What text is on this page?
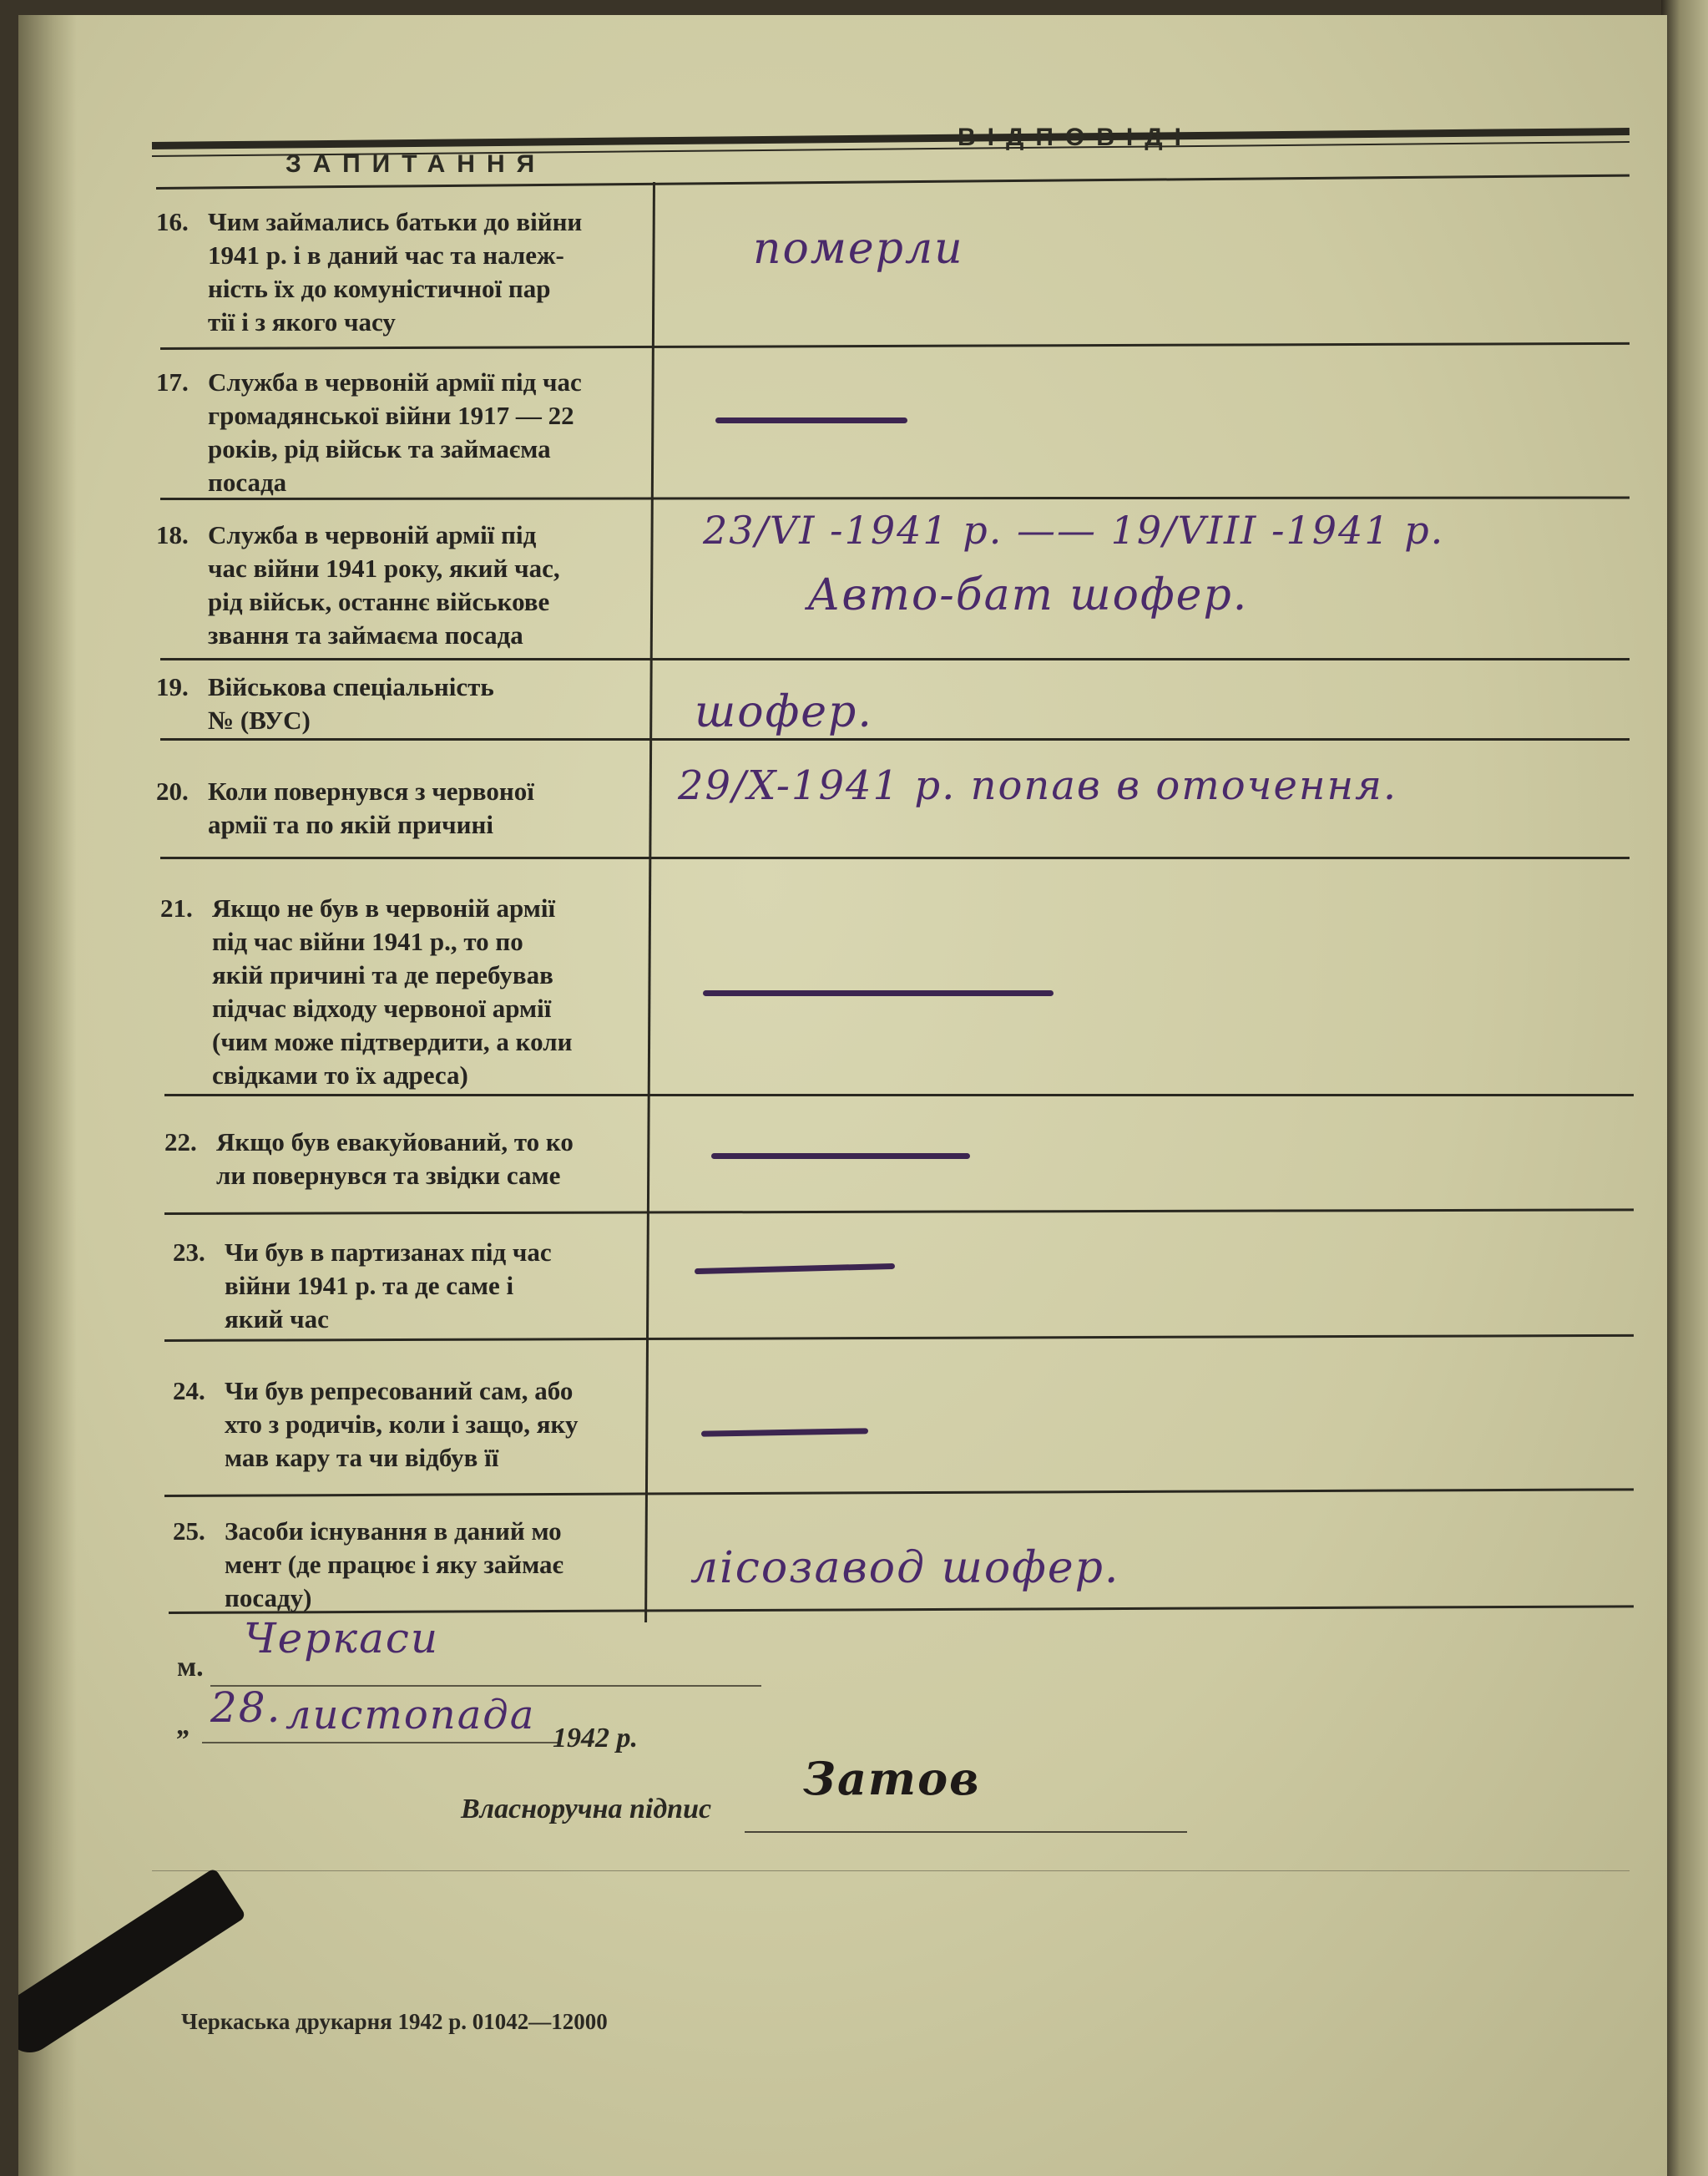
ЗАПИТАННЯ
ВІДПОВІДІ
16. Чим займались батьки до війни
1941 р. і в даний час та належ-
ність їх до комуністичної пар
тії і з якого часу
померли
17. Служба в червоній армії під час
громадянської війни 1917 — 22
років, рід військ та займаєма
посада
18. Служба в червоній армії під
час війни 1941 року, який час,
рід військ, останнє військове
звання та займаєма посада
23/VI -1941 р. —— 19/VIII -1941 р.
Авто-бат шофер.
19. Військова спеціальність
№ (ВУС)	шофер.
20. Коли повернувся з червоної
армії та по якій причині
29/X-1941 р. попав в оточення.
21. Якщо не був в червоній армії
під час війни 1941 р., то по
якій причині та де перебував
підчас відходу червоної армії
(чим може підтвердити, а коли
свідками то їх адреса)
22. Якщо був евакуйований, то ко
ли повернувся та звідки саме
23. Чи був в партизанах під час
війни 1941 р. та де саме і
який час
24. Чи був репресований сам, або
хто з родичів, коли і защо, яку
мав кару та чи відбув її
25. Засоби існування в даний мо
мент (де працює і яку займає
посаду)
лісозавод шофер.
м.
Черкаси
„ 28. листопада 1942 р.
Власноручна підпис
Затов
Черкаська друкарня 1942 р. 01042—12000
